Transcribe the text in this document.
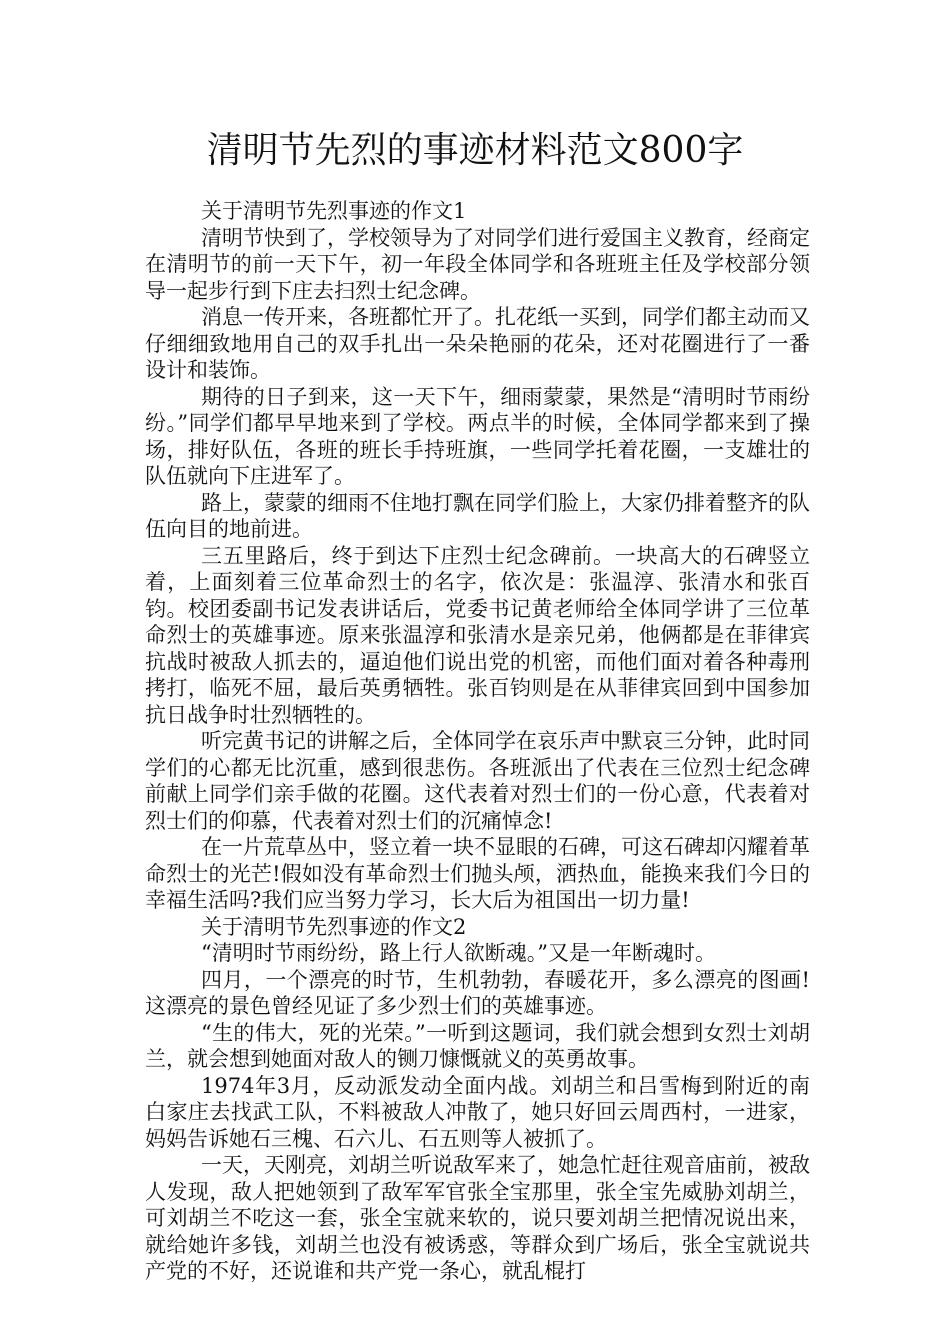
清明节先烈的事迹材料范文800字

关于清明节先烈事迹的作文1

清明节快到了，学校领导为了对同学们进行爱国主义教育，经商定在清明节的前一天下午，初一年段全体同学和各班班主任及学校部分领导一起步行到下庄去扫烈士纪念碑。

消息一传开来，各班都忙开了。扎花纸一买到，同学们都主动而又仔细细致地用自己的双手扎出一朵朵艳丽的花朵，还对花圈进行了一番设计和装饰。

期待的日子到来，这一天下午，细雨蒙蒙，果然是“清明时节雨纷纷。”同学们都早早地来到了学校。两点半的时候，全体同学都来到了操场，排好队伍，各班的班长手持班旗，一些同学托着花圈，一支雄壮的队伍就向下庄进军了。

路上，蒙蒙的细雨不住地打飘在同学们脸上，大家仍排着整齐的队伍向目的地前进。

三五里路后，终于到达下庄烈士纪念碑前。一块高大的石碑竖立着，上面刻着三位革命烈士的名字，依次是：张温淳、张清水和张百钧。校团委副书记发表讲话后，党委书记黄老师给全体同学讲了三位革命烈士的英雄事迹。原来张温淳和张清水是亲兄弟，他俩都是在菲律宾抗战时被敌人抓去的，逼迫他们说出党的机密，而他们面对着各种毒刑拷打，临死不屈，最后英勇牺牲。张百钧则是在从菲律宾回到中国参加抗日战争时壮烈牺牲的。

听完黄书记的讲解之后，全体同学在哀乐声中默哀三分钟，此时同学们的心都无比沉重，感到很悲伤。各班派出了代表在三位烈士纪念碑前献上同学们亲手做的花圈。这代表着对烈士们的一份心意，代表着对烈士们的仰慕，代表着对烈士们的沉痛悼念!

在一片荒草丛中，竖立着一块不显眼的石碑，可这石碑却闪耀着革命烈士的光芒!假如没有革命烈士们抛头颅，洒热血，能换来我们今日的幸福生活吗?我们应当努力学习，长大后为祖国出一切力量!

关于清明节先烈事迹的作文2

“清明时节雨纷纷，路上行人欲断魂。”又是一年断魂时。

四月，一个漂亮的时节，生机勃勃，春暖花开，多么漂亮的图画!这漂亮的景色曾经见证了多少烈士们的英雄事迹。

“生的伟大，死的光荣。”一听到这题词，我们就会想到女烈士刘胡兰，就会想到她面对敌人的铡刀慷慨就义的英勇故事。

1974年3月，反动派发动全面内战。刘胡兰和吕雪梅到附近的南白家庄去找武工队，不料被敌人冲散了，她只好回云周西村，一进家，妈妈告诉她石三槐、石六儿、石五则等人被抓了。

一天，天刚亮，刘胡兰听说敌军来了，她急忙赶往观音庙前，被敌人发现，敌人把她领到了敌军军官张全宝那里，张全宝先威胁刘胡兰，可刘胡兰不吃这一套，张全宝就来软的，说只要刘胡兰把情况说出来，就给她许多钱，刘胡兰也没有被诱惑，等群众到广场后，张全宝就说共产党的不好，还说谁和共产党一条心，就乱棍打
